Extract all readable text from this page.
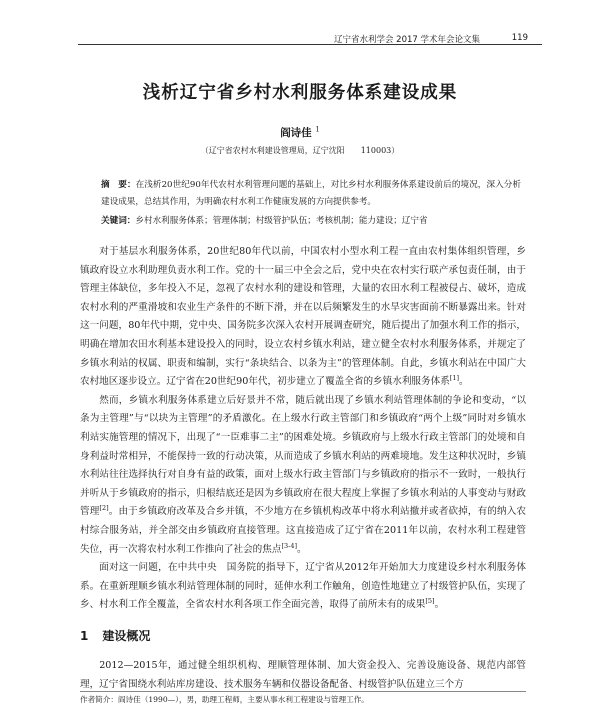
辽宁省水利学会 2017 学术年会论文集	119
浅析辽宁省乡村水利服务体系建设成果
阎诗佳 $^1$
（辽宁省农村水利建设管理局，辽宁沈阳　　110003）
摘　要：在浅析20世纪90年代农村水利管理问题的基础上，对比乡村水利服务体系建设前后的境况，深入分析建设成果，总结其作用，为明确农村水利工作健康发展的方向提供参考。
关键词：乡村水利服务体系；管理体制；村级管护队伍；考核机制；能力建设；辽宁省

对于基层水利服务体系，20世纪80年代以前，中国农村小型水利工程一直由农村集体组织管理，乡镇政府设立水利助理负责水利工作。党的十一届三中全会之后，党中央在农村实行联产承包责任制，由于管理主体缺位，多年投入不足，忽视了农村水利的建设和管理，大量的农田水利工程被侵占、破坏，造成农村水利的严重滑坡和农业生产条件的不断下滑，并在以后频繁发生的水旱灾害面前不断暴露出来。针对这一问题，80年代中期，党中央、国务院多次深入农村开展调查研究，随后提出了加强水利工作的指示，明确在增加农田水利基本建设投入的同时，设立农村乡镇水利站，建立健全农村水利服务体系，并规定了乡镇水利站的权属、职责和编制，实行“条块结合、以条为主”的管理体制。自此，乡镇水利站在中国广大农村地区逐步设立。辽宁省在20世纪90年代，初步建立了覆盖全省的乡镇水利服务体系[1]。

然而，乡镇水利服务体系建立后好景并不常，随后就出现了乡镇水利站管理体制的争论和变动，“以条为主管理”与“以块为主管理”的矛盾激化。在上级水行政主管部门和乡镇政府“两个上级”同时对乡镇水利站实施管理的情况下，出现了“一臣难事二主”的困难处境。乡镇政府与上级水行政主管部门的处境和自身利益时常相异，不能保持一致的行动决策，从而造成了乡镇水利站的两难境地。发生这种状况时，乡镇水利站往往选择执行对自身有益的政策，面对上级水行政主管部门与乡镇政府的指示不一致时，一般执行并听从于乡镇政府的指示，归根结底还是因为乡镇政府在很大程度上掌握了乡镇水利站的人事变动与财政管理[2]。由于乡镇政府改革及合乡并镇，不少地方在乡镇机构改革中将水利站撤并或者砍掉，有的纳入农村综合服务站，并全部交由乡镇政府直接管理。这直接造成了辽宁省在2011年以前，农村水利工程建管失位，再一次将农村水利工作推向了社会的焦点[3-4]。

面对这一问题，在中共中央　国务院的指导下，辽宁省从2012年开始加大力度建设乡村水利服务体系。在重新理顺乡镇水利站管理体制的同时，延伸水利工作触角，创造性地建立了村级管护队伍，实现了乡、村水利工作全覆盖，全省农村水利各项工作全面完善，取得了前所未有的成果[5]。

1 建设概况

2012—2015年，通过健全组织机构、理顺管理体制、加大资金投入、完善设施设备、规范内部管理，辽宁省围绕水利站库房建设、技术服务车辆和仪器设备配备、村级管护队伍建立三个方

作者简介：阎诗佳（1990—），男，助理工程师，主要从事水利工程建设与管理工作。
